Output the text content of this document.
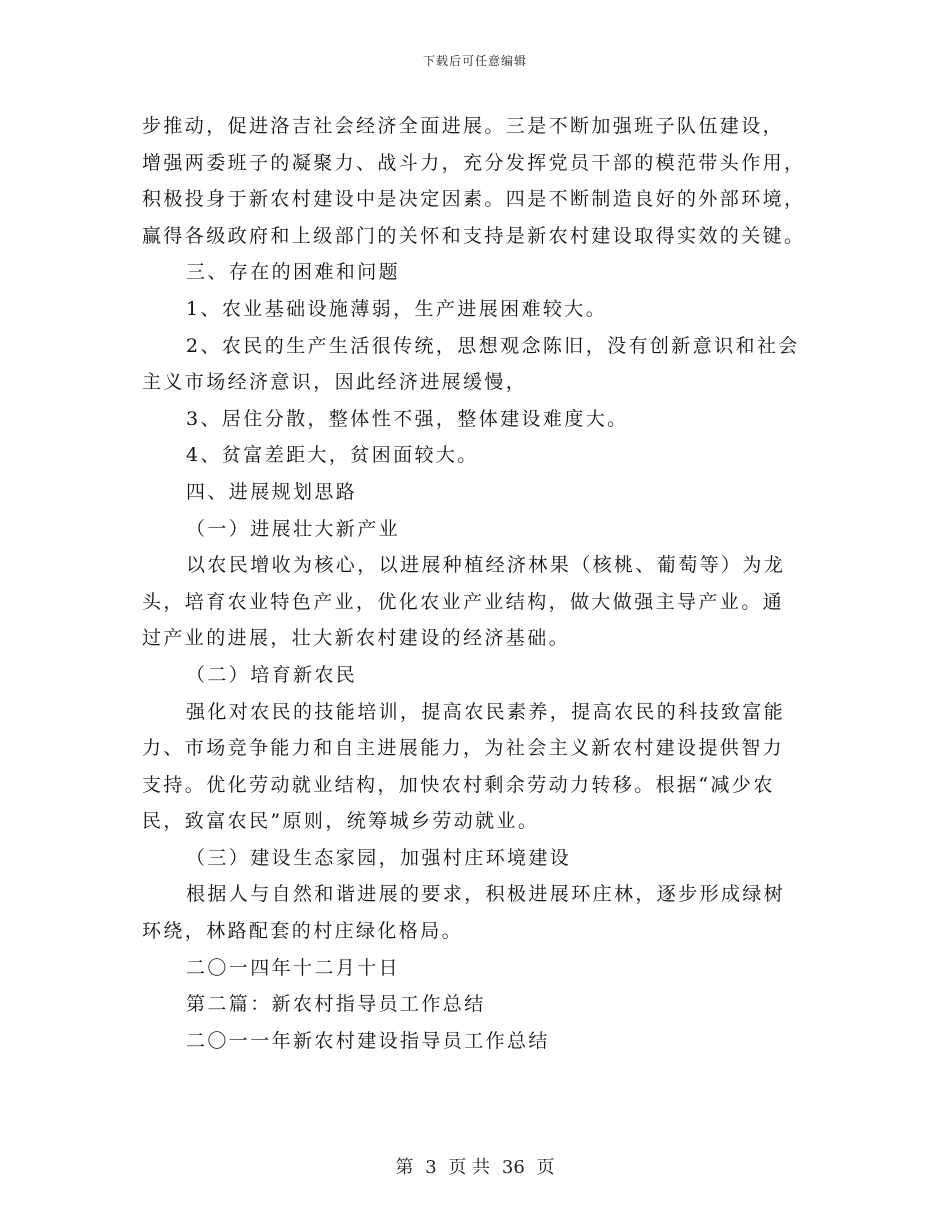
下载后可任意编辑
步推动，促进洛吉社会经济全面进展。三是不断加强班子队伍建设，
增强两委班子的凝聚力、战斗力，充分发挥党员干部的模范带头作用，
积极投身于新农村建设中是决定因素。四是不断制造良好的外部环境，
赢得各级政府和上级部门的关怀和支持是新农村建设取得实效的关键。
三、存在的困难和问题
1、农业基础设施薄弱，生产进展困难较大。
2、农民的生产生活很传统，思想观念陈旧，没有创新意识和社会
主义市场经济意识，因此经济进展缓慢，
3、居住分散，整体性不强，整体建设难度大。
4、贫富差距大，贫困面较大。
四、进展规划思路
（一）进展壮大新产业
以农民增收为核心，以进展种植经济林果（核桃、葡萄等）为龙
头，培育农业特色产业，优化农业产业结构，做大做强主导产业。通
过产业的进展，壮大新农村建设的经济基础。
（二）培育新农民
强化对农民的技能培训，提高农民素养，提高农民的科技致富能
力、市场竞争能力和自主进展能力，为社会主义新农村建设提供智力
支持。优化劳动就业结构，加快农村剩余劳动力转移。根据“减少农
民，致富农民”原则，统筹城乡劳动就业。
（三）建设生态家园，加强村庄环境建设
根据人与自然和谐进展的要求，积极进展环庄林，逐步形成绿树
环绕，林路配套的村庄绿化格局。
二〇一四年十二月十日
第二篇：新农村指导员工作总结
二〇一一年新农村建设指导员工作总结
第 3 页 共 36 页
